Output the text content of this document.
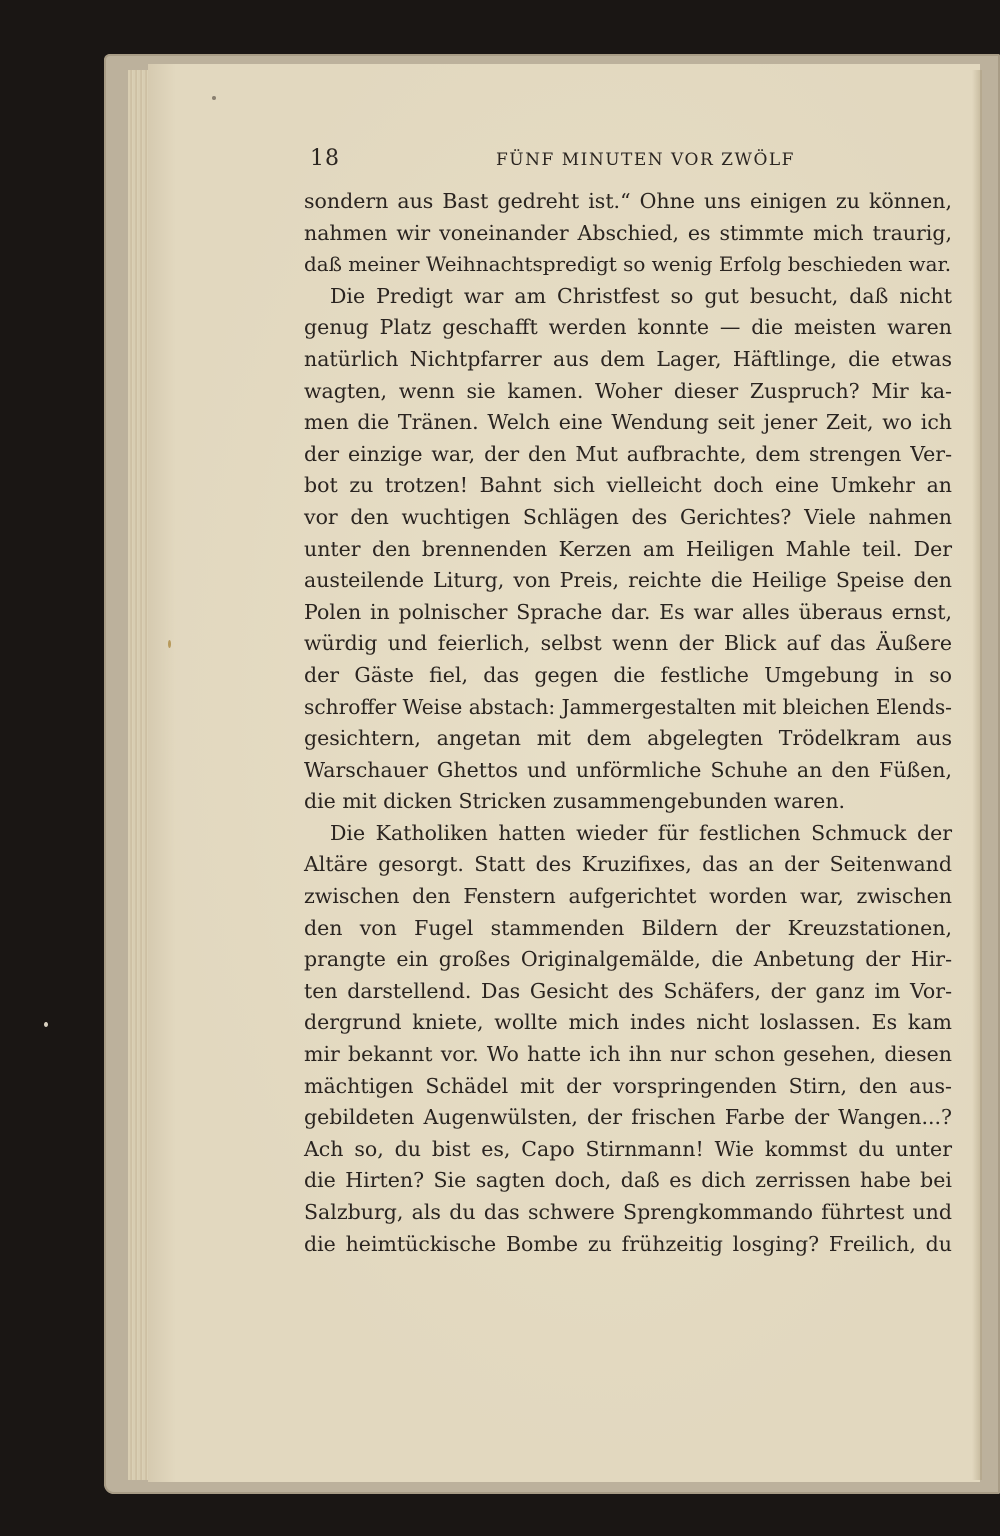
18	FÜNF MINUTEN VOR ZWÖLF
sondern aus Bast gedreht ist.“ Ohne uns einigen zu können,
nahmen wir voneinander Abschied, es stimmte mich traurig,
daß meiner Weihnachtspredigt so wenig Erfolg beschieden war.
Die Predigt war am Christfest so gut besucht, daß nicht
genug Platz geschafft werden konnte — die meisten waren
natürlich Nichtpfarrer aus dem Lager, Häftlinge, die etwas
wagten, wenn sie kamen. Woher dieser Zuspruch? Mir ka-
men die Tränen. Welch eine Wendung seit jener Zeit, wo ich
der einzige war, der den Mut aufbrachte, dem strengen Ver-
bot zu trotzen! Bahnt sich vielleicht doch eine Umkehr an
vor den wuchtigen Schlägen des Gerichtes? Viele nahmen
unter den brennenden Kerzen am Heiligen Mahle teil. Der
austeilende Liturg, von Preis, reichte die Heilige Speise den
Polen in polnischer Sprache dar. Es war alles überaus ernst,
würdig und feierlich, selbst wenn der Blick auf das Äußere
der Gäste fiel, das gegen die festliche Umgebung in so
schroffer Weise abstach: Jammergestalten mit bleichen Elends-
gesichtern, angetan mit dem abgelegten Trödelkram aus
Warschauer Ghettos und unförmliche Schuhe an den Füßen,
die mit dicken Stricken zusammengebunden waren.
Die Katholiken hatten wieder für festlichen Schmuck der
Altäre gesorgt. Statt des Kruzifixes, das an der Seitenwand
zwischen den Fenstern aufgerichtet worden war, zwischen
den von Fugel stammenden Bildern der Kreuzstationen,
prangte ein großes Originalgemälde, die Anbetung der Hir-
ten darstellend. Das Gesicht des Schäfers, der ganz im Vor-
dergrund kniete, wollte mich indes nicht loslassen. Es kam
mir bekannt vor. Wo hatte ich ihn nur schon gesehen, diesen
mächtigen Schädel mit der vorspringenden Stirn, den aus-
gebildeten Augenwülsten, der frischen Farbe der Wangen...?
Ach so, du bist es, Capo Stirnmann! Wie kommst du unter
die Hirten? Sie sagten doch, daß es dich zerrissen habe bei
Salzburg, als du das schwere Sprengkommando führtest und
die heimtückische Bombe zu frühzeitig losging? Freilich, du
